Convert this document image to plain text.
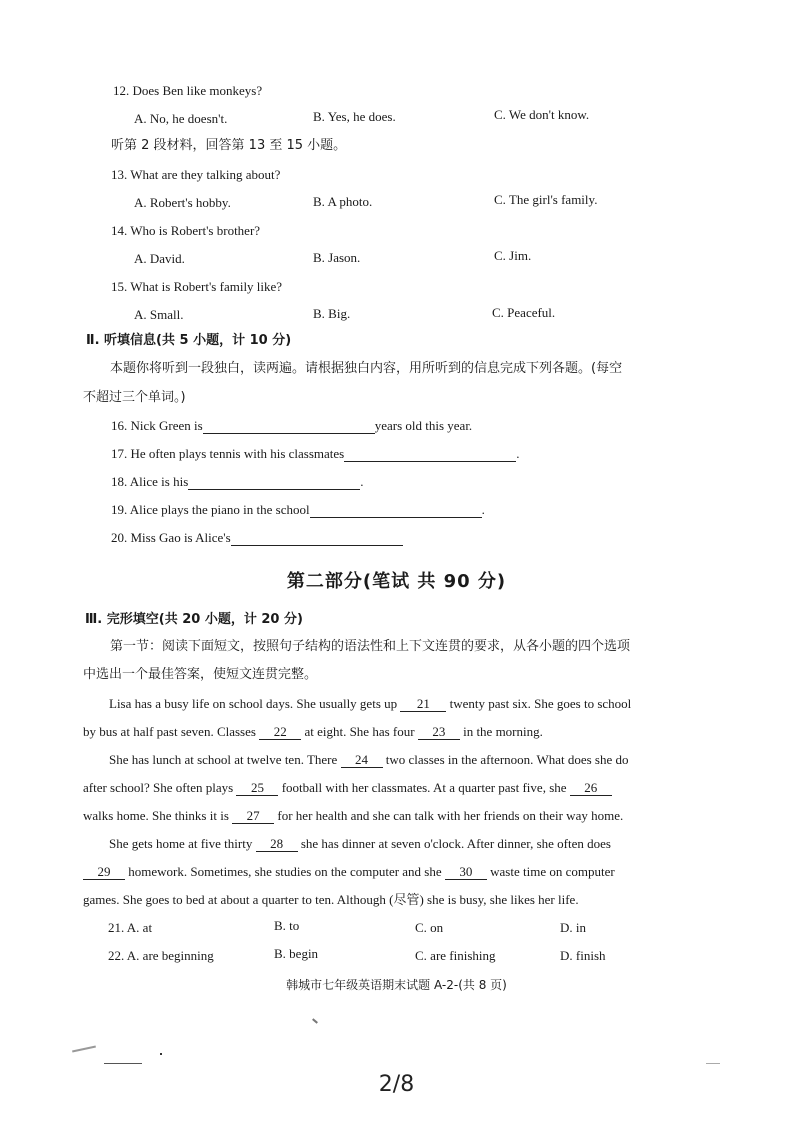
12. Does Ben like monkeys?
A. No, he doesn't.	B. Yes, he does.	C. We don't know.
听第 2 段材料，回答第 13 至 15 小题。
13. What are they talking about?
A. Robert's hobby.	B. A photo.	C. The girl's family.
14. Who is Robert's brother?
A. David.	B. Jason.	C. Jim.
15. What is Robert's family like?
A. Small.	B. Big.	C. Peaceful.
Ⅱ. 听填信息(共 5 小题，计 10 分)
本题你将听到一段独白，读两遍。请根据独白内容，用所听到的信息完成下列各题。(每空
不超过三个单词。)
16. Nick Green is	years old this year.
17. He often plays tennis with his classmates	.
18. Alice is his	.
19. Alice plays the piano in the school	.
20. Miss Gao is Alice's
第二部分(笔试 共 90 分)
Ⅲ. 完形填空(共 20 小题，计 20 分)
第一节：阅读下面短文，按照句子结构的语法性和上下文连贯的要求，从各小题的四个选项
中选出一个最佳答案，使短文连贯完整。
Lisa has a busy life on school days. She usually gets up 21 twenty past six. She goes to school
by bus at half past seven. Classes 22 at eight. She has four 23 in the morning.
She has lunch at school at twelve ten. There 24 two classes in the afternoon. What does she do
after school? She often plays 25 football with her classmates. At a quarter past five, she 26
walks home. She thinks it is 27 for her health and she can talk with her friends on their way home.
She gets home at five thirty 28 she has dinner at seven o'clock. After dinner, she often does
29 homework. Sometimes, she studies on the computer and she 30 waste time on computer
games. She goes to bed at about a quarter to ten. Although (尽管) she is busy, she likes her life.
21. A. at	B. to	C. on	D. in
22. A. are beginning	B. begin	C. are finishing	D. finish
韩城市七年级英语期末试题 A-2-(共 8 页)
2/8
